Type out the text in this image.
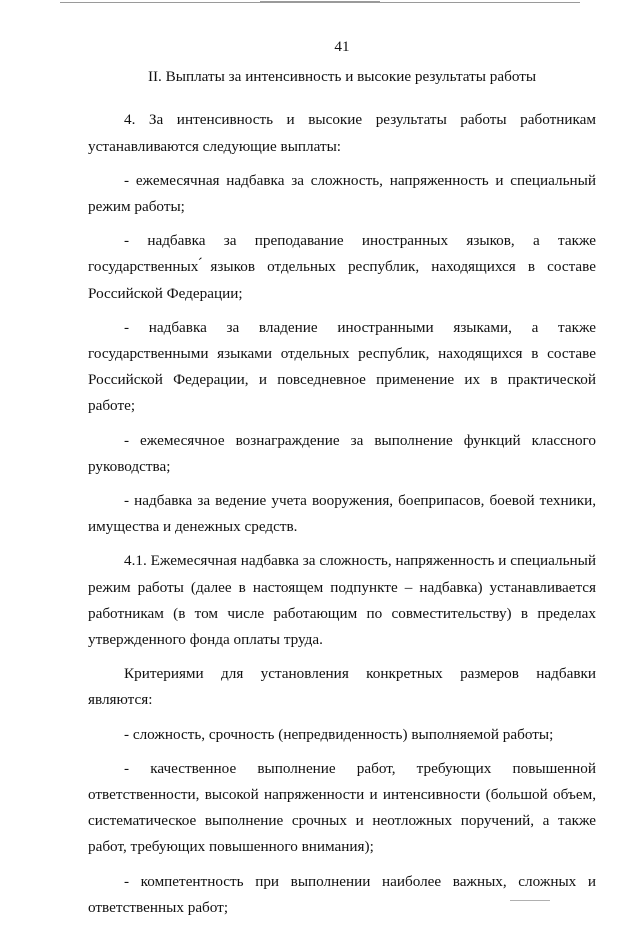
41
II. Выплаты за интенсивность и высокие результаты работы

4. За интенсивность и высокие результаты работы работникам устанавливаются следующие выплаты:

- ежемесячная надбавка за сложность, напряженность и специальный режим работы;

- надбавка за преподавание иностранных языков, а также государственных ́языков отдельных республик, находящихся в составе Российской Федерации;

- надбавка за владение иностранными языками, а также государственными языками отдельных республик, находящихся в составе Российской Федерации, и повседневное применение их в практической работе;

- ежемесячное вознаграждение за выполнение функций классного руководства;

- надбавка за ведение учета вооружения, боеприпасов, боевой техники, имущества и денежных средств.

4.1. Ежемесячная надбавка за сложность, напряженность и специальный режим работы (далее в настоящем подпункте – надбавка) устанавливается работникам (в том числе работающим по совместительству) в пределах утвержденного фонда оплаты труда.

Критериями для установления конкретных размеров надбавки являются:

- сложность, срочность (непредвиденность) выполняемой работы;

- качественное выполнение работ, требующих повышенной ответственности, высокой напряженности и интенсивности (большой объем, систематическое выполнение срочных и неотложных поручений, а также работ, требующих повышенного внимания);

- компетентность при выполнении наиболее важных, сложных и ответственных работ;
